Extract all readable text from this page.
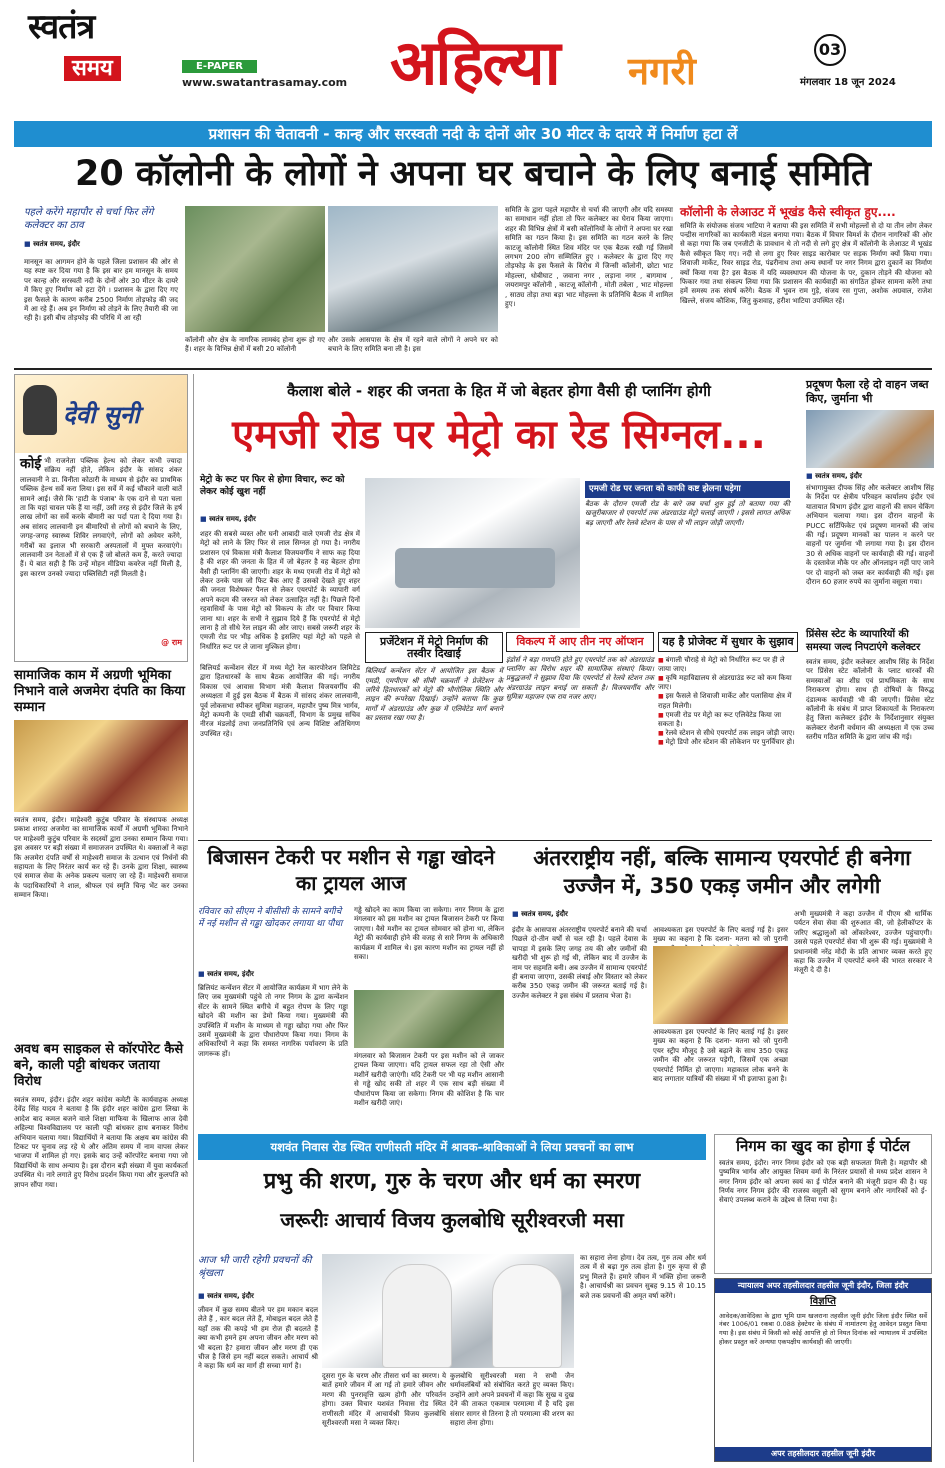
स्वतंत्र
समय	E-PAPER
www.swatantrasamay.com अहिल्या नगरी	03
मंगलवार 18 जून 2024
प्रशासन की चेतावनी - कान्ह और सरस्वती नदी के दोनों ओर 30 मीटर के दायरे में निर्माण हटा लें
20 कॉलोनी के लोगों ने अपना घर बचाने के लिए बनाई समिति
पहले करेंगे महापौर से चर्चा फिर लेंगे कलेक्टर का ठाव
■ स्वतंत्र समय, इंदौर
मानसून का आगमन होने के पहले जिला प्रशासन की ओर से यह स्पष्ट कर दिया गया है कि इस बार हम मानसून के समय पर कान्ह और सरस्वती नदी के दोनों ओर 30 मीटर के दायरे में किए हुए निर्माण को हटा देंगे । प्रशासन के द्वारा दिए गए इस फैसले के कारण करीब 2500 निर्माण तोड़फोड़ की जद में आ रहे हैं। अब इन निर्माण को तोड़ने के लिए तैयारी की जा रही है। इसी बीच तोड़फोड़ की परिधि में आ रही
कॉलोनी और क्षेत्र के नागरिक लामबंद होना शुरू हो गए हैं। शहर के विभिन्न क्षेत्रों में बसी 20 कॉलोनी
और उसके आसपास के क्षेत्र में रहने वाले लोगों ने अपने घर को बचाने के लिए समिति बना ली है। इस
समिति के द्वारा पहले महापौर से चर्चा की जाएगी और यदि समस्या का समाधान नहीं होता तो फिर कलेक्टर का घेराव किया जाएगा। शहर की विभिन्न क्षेत्रों में बसी कॉलोनियों के लोगों ने अपना घर रखा समिति का गठन किया है। इस समिति का गठन करने के लिए काटजू कॉलोनी स्थित शिव मंदिर पर एक बैठक रखी गई जिसमें लगभग 200 लोग सम्मिलित हुए । कलेक्टर के द्वारा दिए गए तोड़फोड़ के इस फैसले के विरोध में जिन्सी कॉलोनी, छोटा भाट मोहल्ला, धोबीघाट , जवाना नगर , लड़ाना नगर , बागमाथ , जयरामपुर कॉलोनी , काटजू कॉलोनी , मोती तबेला , भाट मोहल्ला , साठ्य तोड़ा तथा बड़ा भाट मोहल्ला के प्रतिनिधि बैठक में शामिल हुए।
कॉलोनी के लेआउट में भूखंड कैसे स्वीकृत हुए....
समिति के संयोजक संजय भाटिया ने बताया की इस समिति में सभी मोहल्लों से दो या तीन लोग लेकर पन्द्रीस नागरिकों का कार्यकारी मंडल बनाया गया। बैठक में विचार विमर्श के दौरान नागरिकों की ओर से कहा गया कि जब एनजीटी के प्रावधान थे तो नदी से लगे हुए क्षेत्र में कॉलोनी के लेआउट में भूखंड कैसे स्वीकृत किए गए। नदी से लगा हुए रिवर साइड कारोबार पर सड़क निर्माण क्यों किया गया। शिवाजी मार्केट, रिवर साइड रोड, पंढरीनाथ तथा अन्य स्थानों पर नगर निगम द्वारा दुकानें का निर्माण क्यों किया गया है? इस बैठक में यदि व्यवस्थापन की योजना के पर, दुकान तोड़ने की योजना को फिकार गया तथा संकल्प लिया गया कि प्रशासन की कार्यवाही का संगठित होकर सामना करेंगे तथा हमें समस्य तक संघर्ष करेंगे। बैठक में भुवन राम गुड़े, संजय रस गुप्ता, अशोक अग्रवाल, राजेश खिल्ले, संजय कौशिक, जितु कुशवाह, हरीश भाटिया उपस्थित रहें।
देवी सुनी
कोई भी राजनेता पब्लिक हेल्थ को लेकर कभी ज्यादा संक्रिय नहीं होते, लेकिन इंदौर के सांसद शंकर लालवानी ने डा. विनीता कोठारी के माध्यम से इंदौर का प्राथमिक पब्लिक हेल्थ सर्वे करा लिया। इस सर्वे में कई चौंकाने वाली बातें सामने आई। जैसे कि 'हाटी के पंजाब' के एक दाने से पता चला ता कि यहां चावल पके हैं या नहीं, उसी तरह से इंदौर जिले के हर्ष लाख लोगों का सर्वे करके बीमारी का पर्दा पता दे दिया गया है। अब सांसद लालवानी इन बीमारियों से लोगों को बचाने के लिए, जगह-जगह स्वास्थ्य शिविर लगवाएंगे, लोगों को अवेयर करेंगे, गरीबों का इलाज भी सरकारी अस्पतालों में मुफ्त करवाएंगे। लालवानी उन नेताओं में से एक हैं जो बोलते कम हैं, करते ज्यादा हैं। ये बात सही है कि उन्हें मोहन मीडिया कवरेज नहीं मिली है, इस कारण उनको ज्यादा पब्लिसिटी नहीं मिलती है।
@ राम
सामाजिक काम में अग्रणी भूमिका निभाने वाले अजमेरा दंपति का किया सम्मान
स्वतंत्र समय, इंदौर। माहेश्वरी कुटुंब परिवार के संस्थापक अध्यक्ष प्रकाश शारदा अजमेरा का सामाजिक कार्यों में अग्रणी भूमिका निभाने पर माहेश्वरी कुटुंब परिवार के सदस्यों द्वारा उनका सम्मान किया गया। इस अवसर पर बड़ी संख्या में समाजजन उपस्थित थे। वक्ताओं ने कहा कि अजमेरा दंपति वर्षों से माहेश्वरी समाज के उत्थान एवं निर्धनों की सहायता के लिए निरंतर कार्य कर रहे हैं। उनके द्वारा शिक्षा, स्वास्थ्य एवं समाज सेवा के अनेक प्रकल्प चलाए जा रहे हैं। माहेश्वरी समाज के पदाधिकारियों ने शाल, श्रीफल एवं स्मृति चिन्ह भेंट कर उनका सम्मान किया।
अवध बम साइकल से कॉरपोरेट कैसे बने, काली पट्टी बांधकर जताया विरोध
स्वतंत्र समय, इंदौर। इंदौर शहर कांग्रेस कमेटी के कार्यवाहक अध्यक्ष देवेंद्र सिंह यादव ने बताया है कि इंदौर शहर कांग्रेस द्वारा लिखा के आदेश बाद कमल बजने वाले शिक्षा माफिया के खिलाफ आज देवी अहिल्या विश्वविद्यालय पर काली पट्टी बांधकर हाथ बनाकर विरोध अभियान चलाया गया। विद्यार्थियों ने बताया कि अक्षय बम कांग्रेस की टिकट पर चुनाव लड़ रहे थे और अंतिम समय में नाम वापस लेकर भाजपा में शामिल हो गए। इसके बाद उन्हें कॉरपोरेट बनाया गया जो विद्यार्थियों के साथ अन्याय है। इस दौरान बड़ी संख्या में युवा कार्यकर्ता उपस्थित थे। नारे लगाते हुए विरोध प्रदर्शन किया गया और कुलपति को ज्ञापन सौंपा गया।
कैलाश बोले - शहर की जनता के हित में जो बेहतर होगा वैसी ही प्लानिंग होगी
एमजी रोड पर मेट्रो का रेड सिग्नल...
मेट्रो के रूट पर फिर से होगा विचार, रूट को लेकर कोई खुश नहीं
■ स्वतंत्र समय, इंदौर
शहर की सबसे व्यस्त और घनी आबादी वाले एमजी रोड क्षेत्र में मेट्रो को लाने के लिए फिर से लाल सिग्नल हो गया है। नगरीय प्रशासन एवं विकास मंत्री कैलाश विजयवर्गीय ने साफ कह दिया है की शहर की जनता के हित में जो बेहतर है वह बेहतर होगा वैसी ही प्लानिंग की जाएगी। शहर के मध्य एमजी रोड में मेट्रो को लेकर उनके पास जो फिट बैक आए हैं उसको देखते हुए शहर की जनता विशेषकर पैनल से लेकर एयरपोर्ट के व्यापारी वर्ग अपने कदम की जरुरत को लेकर उत्साहित नहीं है। पिछले दिनों रहवासियों के पास मेट्रो को विकल्प के तौर पर विचार किया जाना था। शहर के सभी ने सुझाव दिये हैं कि एयरपोर्ट से मेट्रो लाना है तो सीधे रेल लाइन की ओर जाए। सबसे जरूरी शहर के एमजी रोड पर भीड़ अधिक है इसलिए यहां मेट्रो को पहले से निर्धारित रूट पर ले जाना मुश्किल होगा।
बिलियर्ड कन्वेंशन सेंटर में मध्य मेट्रो रेल कारपोरेशन लिमिटेड द्वारा हितधारकों के साथ बैठक आयोजित की गई। नगरीय विकास एवं आवास विभाग मंत्री कैलाश विजयवर्गीय की अध्यक्षता में हुई इस बैठक में बैठक में सांसद शंकर लालवानी, पूर्व लोकसभा स्पीकर सुमित्रा महाजन, महापौर पुष्य मित्र भार्गव, मेट्रो कम्पनी के एमडी सीबी चक्रवर्ती, विभाग के प्रमुख सचिव नीरज मंडलोई तथा जनप्रतिनिधि एवं अन्य विशिष्ट अतिथिगण उपस्थित रहे।
एमजी रोड पर जनता को काफी कष्ट झेलना पड़ेगा
बैठक के दौरान एमजी रोड के बारे जब चर्चा शुरु हुई तो बताया गया की खजूरीबाजार से एयरपोर्ट तक अंडरग्राउंड मेट्रो चलाई जाएगी । इससे लागत अधिक बढ़ जाएगी और रेलवे स्टेशन के पास से भी लाइन जोड़ी जाएगी।
प्रजेंटेशन में मेट्रो निर्माण की तस्वीर दिखाई
बिलियर्ड कन्वेंशन सेंटर में आयोजित इस बैठक में एमडी, एमपीएम श्री सीबी चक्रवर्ती ने प्रेजेंटेशन के जरिये हितधारकों को मेट्रो की भौगोलिक स्थिति और लाइन की रूपरेखा दिखाई। उन्होंने बताया कि कुछ मार्गों में अंडरग्राउंड और कुछ में एलिवेटेड मार्ग बनाने का प्रस्ताव रखा गया है।
विकल्प में आए तीन नए ऑप्शन
इंडोर्स ने बड़ा गणपति होते हुए एयरपोर्ट तक को अंडरग्राउंड प्लानिंग का विरोध शहर की सामाजिक संस्थाएं किया। प्रबुद्धजनों ने सुझाव दिया कि एयरपोर्ट से रेलवे स्टेशन तक अंडरग्राउंड लाइन बनाई जा सकती है। विजयवर्गीय और सुमित्रा महाजन एक राय नजर आए।
यह है प्रोजेक्ट में सुधार के सुझाव
■ बंगाली चौराहे से मेट्रो को निर्धारित रूट पर ही ले जाया जाए।
■ कृषि महाविद्यालय से अंडरग्राउंड रूट को कम किया जाए।
■ इस फैसले से शिवाजी मार्केट और पलासिया क्षेत्र में राहत मिलेगी।
■ एमजी रोड पर मेट्रो का रूट एलिवेटेड किया जा सकता है।
■ रेलवे स्टेशन से सीधे एयरपोर्ट तक लाइन जोड़ी जाए।
■ मेट्रो डिपो और स्टेशन की लोकेशन पर पुनर्विचार हो।
प्रदूषण फैला रहे दो वाहन जब्त किए, जुर्माना भी
■ स्वतंत्र समय, इंदौर
संभागायुक्त दीपक सिंह और कलेक्टर आशीष सिंह के निर्देश पर क्षेत्रीय परिवहन कार्यालय इंदौर एवं यातायात विभाग इंदौर द्वारा वाहनों की सघन चेकिंग अभियान चलाया गया। इस दौरान वाहनों के PUCC सर्टिफिकेट एवं प्रदूषण मानकों की जांच की गई। प्रदूषण मानकों का पालन न करने पर वाहनों पर जुर्माना भी लगाया गया है। इस दौरान 30 से अधिक वाहनों पर कार्यवाही की गई। वाहनों के दस्तावेज मौके पर और ऑनलाइन नहीं पाए जाने पर दो वाहनों को जब्त कर कार्यवाही की गई। इस दौरान 60 हजार रुपये का जुर्माना वसूला गया।
प्रिंसेस स्टेट के व्यापारियों की समस्या जल्द निपटाएंगे कलेक्टर
स्वतंत्र समय, इंदौर कलेक्टर आशीष सिंह के निर्देश पर प्रिंसेस स्टेट कॉलोनी के प्लाट धारकों की समस्याओं का शीघ्र एवं प्राथमिकता के साथ निराकरण होगा। साथ ही दोषियों के विरुद्ध दंडात्मक कार्यवाही भी की जाएगी। प्रिंसेस स्टेट कॉलोनी के संबंध में प्राप्त शिकायतों के निराकरण हेतु जिला कलेक्टर इंदौर के निर्देशानुसार संयुक्त कलेक्टर रोशनी वर्धमान की अध्यक्षता में एक उच्च स्तरीय गठित समिति के द्वारा जांच की गई।
बिजासन टेकरी पर मशीन से गड्ढा खोदने का ट्रायल आज
रविवार को सीएम ने बीसीसी के सामने बगीचे में नई मशीन से गड्ढा खोदकर लगाया था पौधा
■ स्वतंत्र समय, इंदौर
ब्रिलियंट कन्वेंशन सेंटर में आयोजित कार्यक्रम में भाग लेने के लिए जब मुख्यमंत्री पहुंचे तो नगर निगम के द्वारा कन्वेंशन सेंटर के सामने स्थित बगीचे में बहुत रोपण के लिए गड्ढा खोदने की मशीन का डेमो किया गया। मुख्यमंत्री की उपस्थिति में मशीन के माध्यम से गड्ढा खोदा गया और फिर उसमें मुख्यमंत्री के द्वारा पौधारोपण किया गया। निगम के अधिकारियों ने कहा कि समस्त नागरिक पर्यावरण के प्रति जागरूक हों।
गड्ढे खोदने का काम किया जा सकेगा। नगर निगम के द्वारा मंगलवार को इस मशीन का ट्रायल बिजासन टेकरी पर किया जाएगा। वैसे मशीन का ट्रायल सोमवार को होना था, लेकिन मेट्रो की कार्यवाही होने की वजह से सारे निगम के अधिकारी कार्यक्रम में शामिल थे। इस कारण मशीन का ट्रायल नहीं हो सका।
मंगलवार को बिजासन टेकरी पर इस मशीन को ले जाकर ट्रायल किया जाएगा। यदि ट्रायल सफल रहा तो ऐसी और मशीनें खरीदी जाएंगी। यदि टेकरी पर भी यह मशीन आसानी से गड्ढे खोद सकी तो शहर में एक साथ बड़ी संख्या में पौधारोपण किया जा सकेगा। निगम की कोशिश है कि चार मशीन खरीदी जाएं।
अंतरराष्ट्रीय नहीं, बल्कि सामान्य एयरपोर्ट ही बनेगा
उज्जैन में, 350 एकड़ जमीन और लगेगी
■ स्वतंत्र समय, इंदौर
इंदौर के आसपास अंतरराष्ट्रीय एयरपोर्ट बनाने की चर्चा पिछले दो-तीन वर्षों से चल रही है। पहले देवास के चापड़ा में इसके लिए जगह तय की और जमीनों की खरीदी भी शुरू हो गई थी, लेकिन बाद में उज्जैन के नाम पर सहमति बनी। अब उज्जैन में सामान्य एयरपोर्ट ही बनाया जाएगा, उसकी लंबाई और विस्तार को लेकर करीब 350 एकड़ जमीन की जरूरत बताई गई है। उज्जैन कलेक्टर ने इस संबंध में प्रस्ताव भेजा है।
आवश्यकता इस एयरपोर्ट के लिए बताई गई है। इसर मुख्य का कहना है कि दशना- मतना को जो पुरानी
आवश्यकता इस एयरपोर्ट के लिए बताई गई है। इसर मुख्य का कहना है कि दशना- मतना को जो पुरानी एयर स्ट्रीप मौजूद है उसे बढ़ाने के साथ 350 एकड़ जमीन की और जरूरत पड़ेगी, जिसमें एक अच्छा एयरपोर्ट निर्मित हो जाएगा। महाकाल लोक बनने के बाद लगातार यात्रियों की संख्या में भी इजाफा हुआ है।
अभी मुख्यमंत्री ने कहा उज्जैन में पीएम श्री धार्मिक पर्यटन सेवा सेवा की शुरुआत की, जो हेलीकॉप्टर के जरिए श्रद्धालुओं को ओंकारेश्वर, उज्जैन पहुंचाएगी। उससे पहले एयरपोर्ट सेवा भी शुरू की गई। मुख्यमंत्री ने प्रधानमंत्री नरेंद्र मोदी के प्रति आभार व्यक्त करते हुए कहा कि उज्जैन में एयरपोर्ट बनने की भारत सरकार ने मंजूरी दे दी है।
यशवंत निवास रोड स्थित राणीसती मंदिर में श्रावक-श्राविकाओं ने लिया प्रवचनों का लाभ
प्रभु की शरण, गुरु के चरण और धर्म का स्मरण
जरूरीः आचार्य विजय कुलबोधि सूरीश्वरजी मसा
आज भी जारी रहेगी प्रवचनों की श्रृंखला
■ स्वतंत्र समय, इंदौर
जीवन में कुछ समय बीतने पर हम मकान बदल लेते हैं , कार बदल लेते हैं, मोबाइल बदल लेते हैं यहाँ तक की कपड़े भी हम रोज ही बदलते हैं क्या कभी हमने हम अपना जीवन और मरण को भी बदला है? हमारा जीवन और मरण ही एक चीज है जिसे हम नहीं बदल सकते। आचार्य श्री ने कहा कि धर्म का मार्ग ही सच्चा मार्ग है।
दूसरा गुरु के चरण और तीसरा धर्म का स्मरण। ये बातें हमारे जीवन में आ गई तो हमारे जीवन और मरण की पुनरावृत्ति खत्म होगी और परिवर्तन होगा। उक्त विचार यशवंत निवास रोड स्थित राणीसती मंदिर में आचार्यश्री विजय कुलबोधि सूरीश्वरजी मसा ने व्यक्त किए।
कुलबोधि सूरीश्वरजी मसा ने सभी जैन धर्मावलंबियों को संबोधित करते हुए व्यक्त किए। उन्होंने आगे अपने प्रवचनों में कहा कि सुख व दुख देने की ताकत एकमात्र परमात्मा में है यदि इस संसार सागर से तिरना है तो परमात्मा की शरण का सहारा लेना होगा।
का सहारा लेना होगा। देव तत्व, गुरु तत्व और धर्म तत्व में से बढ़ा गुरु तत्व होता है। गुरु कृपा से ही प्रभु मिलते हैं। हमारे जीवन में भक्ति होना जरूरी है। आचार्यश्री का प्रवचन सुबह 9.15 से 10.15 बजे तक प्रवचनों की अमृत वर्षा करेंगे।
निगम का खुद का होगा ई पोर्टल
स्वतंत्र समय, इंदौर। नगर निगम इंदौर को एक बड़ी सफलता मिली है। महापौर श्री पुष्यमित्र भार्गव और आयुक्त शिवम वर्मा के निरंतर प्रयासों से मध्य प्रदेश शासन ने नगर निगम इंदौर को अपना स्वयं का ई पोर्टल बनाने की मंजूरी प्रदान की है। यह निर्णय नगर निगम इंदौर की राजस्व वसूली को सुगम बनाने और नागरिकों को ई-सेवाएं उपलब्ध कराने के उद्देश्य से लिया गया है।
न्यायालय अपर तहसीलदार तहसील जूनी इंदौर, जिला इंदौर
विज्ञप्ति
आवेदक/आवेदिका के द्वारा भूमि ग्राम खजराना तहसील जूनी इंदौर जिला इंदौर स्थित सर्वे नंबर 1006/01 रकबा 0.088 हेक्टेयर के संबंध में नामांतरण हेतु आवेदन प्रस्तुत किया गया है। इस संबंध में किसी को कोई आपत्ति हो तो नियत दिनांक को न्यायालय में उपस्थित होकर प्रस्तुत करें अन्यथा एकपक्षीय कार्यवाही की जाएगी।
अपर तहसीलदार तहसील जूनी इंदौर
